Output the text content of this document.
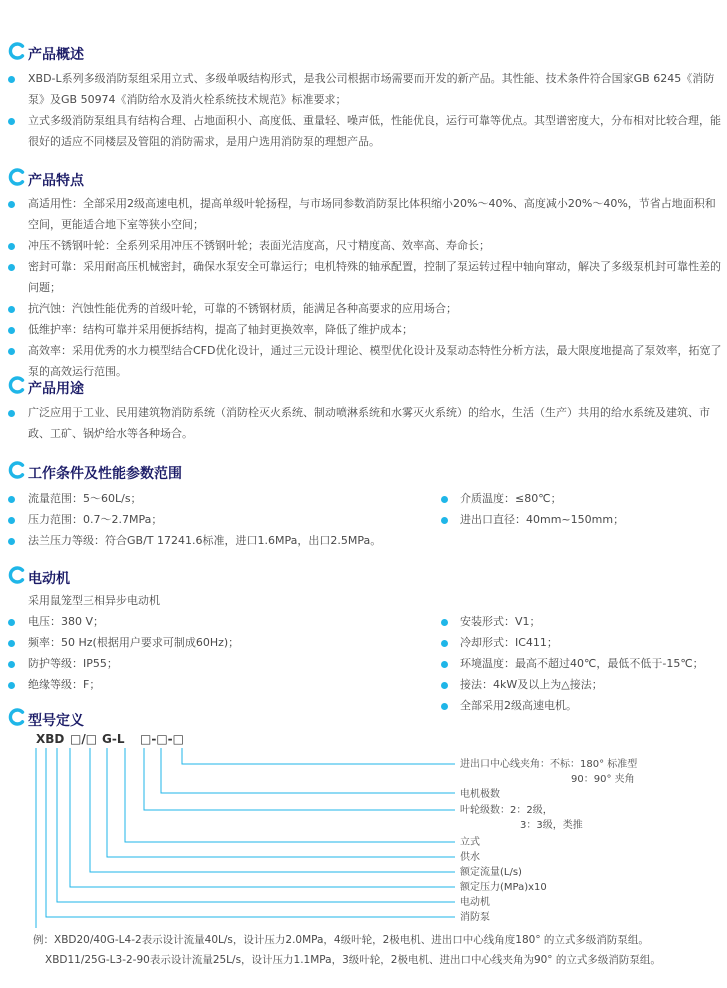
产品概述
XBD-L系列多级消防泵组采用立式、多级单吸结构形式，是我公司根据市场需要而开发的新产品。其性能、技术条件符合国家GB 6245《消防泵》及GB 50974《消防给水及消火栓系统技术规范》标准要求；
立式多级消防泵组具有结构合理、占地面积小、高度低、重量轻、噪声低，性能优良，运行可靠等优点。其型谱密度大，分布相对比较合理，能很好的适应不同楼层及管阻的消防需求，是用户选用消防泵的理想产品。
产品特点
高适用性：全部采用2级高速电机，提高单级叶轮扬程，与市场同参数消防泵比体积缩小20%～40%、高度减小20%～40%，节省占地面积和空间，更能适合地下室等狭小空间；
冲压不锈钢叶轮：全系列采用冲压不锈钢叶轮；表面光洁度高，尺寸精度高、效率高、寿命长；
密封可靠：采用耐高压机械密封，确保水泵安全可靠运行；电机特殊的轴承配置，控制了泵运转过程中轴向窜动，解决了多级泵机封可靠性差的问题；
抗汽蚀：汽蚀性能优秀的首级叶轮，可靠的不锈钢材质，能满足各种高要求的应用场合；
低维护率：结构可靠并采用便拆结构，提高了轴封更换效率，降低了维护成本；
高效率：采用优秀的水力模型结合CFD优化设计，通过三元设计理论、模型优化设计及泵动态特性分析方法，最大限度地提高了泵效率，拓宽了泵的高效运行范围。
产品用途
广泛应用于工业、民用建筑物消防系统（消防栓灭火系统、制动喷淋系统和水雾灭火系统）的给水，生活（生产）共用的给水系统及建筑、市政、工矿、锅炉给水等各种场合。
工作条件及性能参数范围
流量范围：5～60L/s；
压力范围：0.7～2.7MPa；
法兰压力等级：符合GB/T 17241.6标准，进口1.6MPa，出口2.5MPa。
介质温度：≤80℃；
进出口直径：40mm~150mm；
电动机
采用鼠笼型三相异步电动机
电压：380 V；
频率：50 Hz(根据用户要求可制成60Hz)；
防护等级：IP55；
绝缘等级：F；
安装形式：V1；
冷却形式：IC411；
环境温度：最高不超过40℃，最低不低于-15℃；
接法：4kW及以上为△接法；
全部采用2级高速电机。
型号定义
XBD □/□ G-L □-□-□
进出口中心线夹角：不标：180° 标准型
90：90° 夹角
电机极数
叶轮级数：2：2级，
3：3级，类推
立式
供水
额定流量(L/s)
额定压力(MPa)x10
电动机
消防泵
例：XBD20/40G-L4-2表示设计流量40L/s，设计压力2.0MPa，4级叶轮，2极电机、进出口中心线角度180° 的立式多级消防泵组。
XBD11/25G-L3-2-90表示设计流量25L/s，设计压力1.1MPa，3级叶轮，2极电机、进出口中心线夹角为90° 的立式多级消防泵组。
